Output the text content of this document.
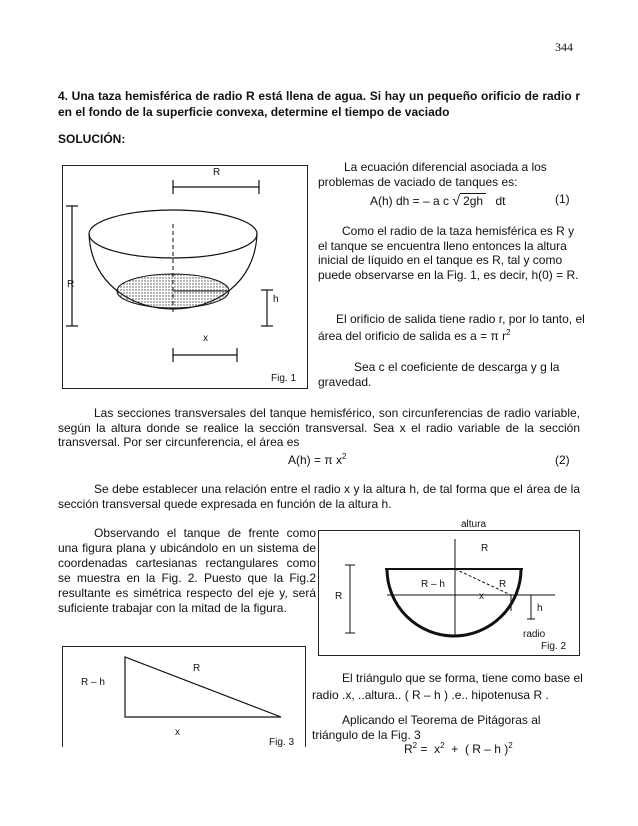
344
4. Una taza hemisférica de radio R está llena de agua. Si hay un pequeño orificio de radio r en el fondo de la superficie convexa, determine el tiempo de vaciado
SOLUCIÓN:
R
R
h
x
Fig. 1
La ecuación diferencial asociada a los problemas de vaciado de tanques es:
A(h) dh = – a c √ 2gh dt	(1)
Como el radio de la taza hemisférica es R y el tanque se encuentra lleno entonces la altura inicial de líquido en el tanque es R, tal y como puede observarse en la Fig. 1, es decir, h(0) = R.
El orificio de salida tiene radio r, por lo tanto, el área del orificio de salida es a = π $r^2$
Sea c el coeficiente de descarga y g la gravedad.
Las secciones transversales del tanque hemisférico, son circunferencias de radio variable, según la altura donde se realice la sección transversal. Sea x el radio variable de la sección transversal. Por ser circunferencia, el área es
A(h) = π $x^2$	(2)
Se debe establecer una relación entre el radio x y la altura h, de tal forma que el área de la sección transversal quede expresada en función de la altura h.
Observando el tanque de frente como una figura plana y ubicándolo en un sistema de coordenadas cartesianas rectangulares como se muestra en la Fig. 2. Puesto que la Fig.2 resultante es simétrica respecto del eje y, será suficiente trabajar con la mitad de la figura.
altura
R
R – h	R
x
R
h
radio
Fig. 2
R – h
R
x
Fig. 3
El triángulo que se forma, tiene como base el radio .x, ..altura.. ( R – h ) .e.. hipotenusa R .
Aplicando el Teorema de Pitágoras al triángulo de la Fig. 3
$R^2 = x^2$  +  ( R – h )$^2$
